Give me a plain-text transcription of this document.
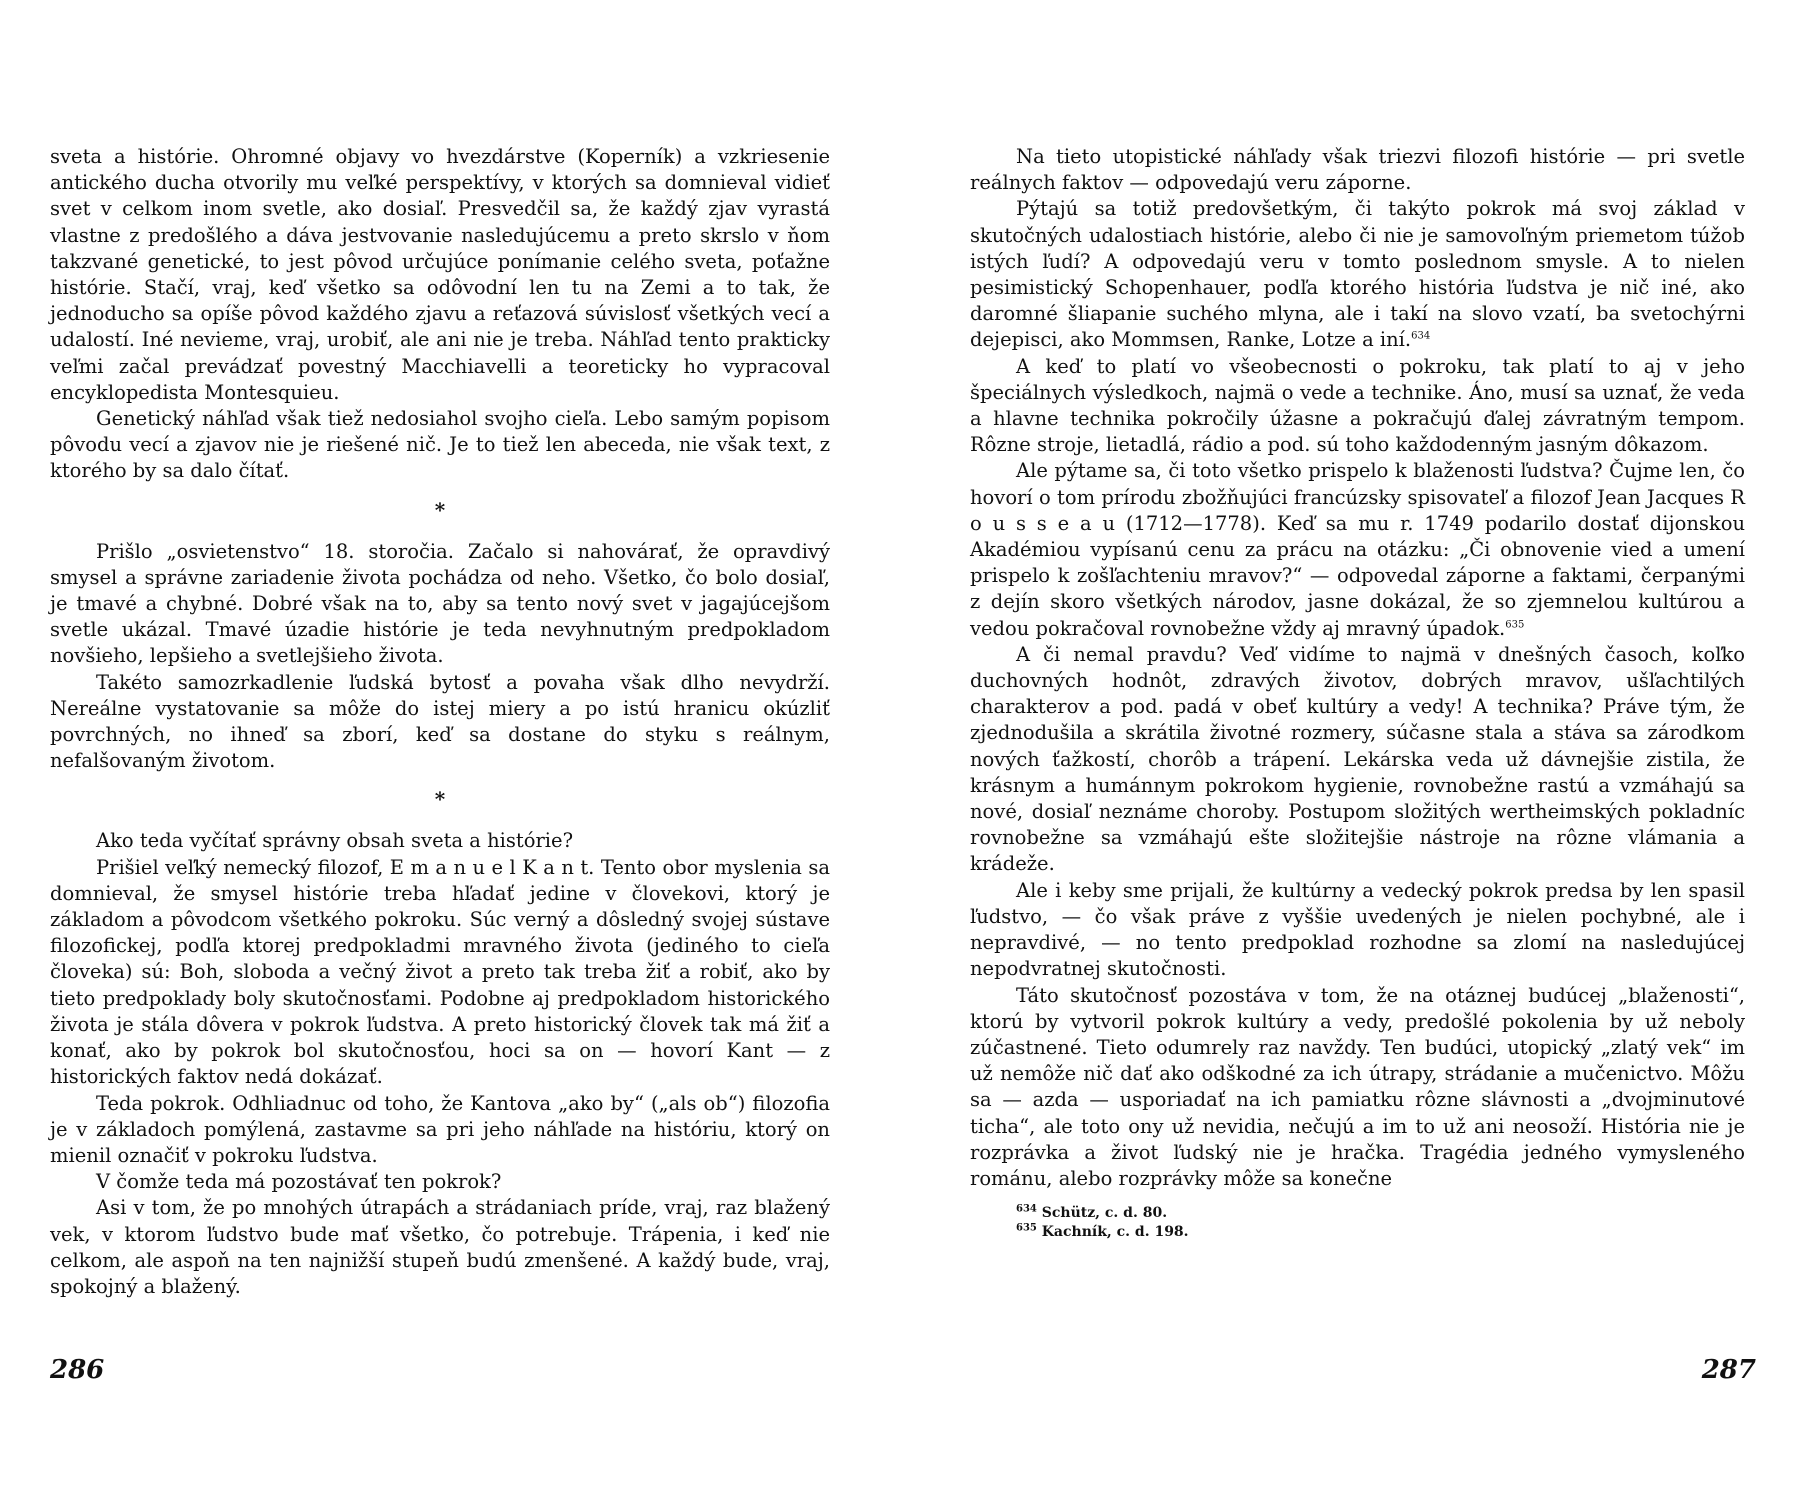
sveta a histórie. Ohromné objavy vo hvezdárstve (Koperník) a vzkriesenie antického ducha otvorily mu veľké perspektívy, v ktorých sa domnieval vidieť svet v celkom inom svetle, ako dosiaľ. Presvedčil sa, že každý zjav vyrastá vlastne z predošlého a dáva jestvovanie nasledujúcemu a preto skrslo v ňom takzvané genetické, to jest pôvod určujúce ponímanie celého sveta, poťažne histórie. Stačí, vraj, keď všetko sa odôvodní len tu na Zemi a to tak, že jednoducho sa opíše pôvod každého zjavu a reťazová súvislosť všetkých vecí a udalostí. Iné nevieme, vraj, urobiť, ale ani nie je treba. Náhľad tento prakticky veľmi začal prevádzať povestný Macchiavelli a teoreticky ho vypracoval encyklopedista Montesquieu.

Genetický náhľad však tiež nedosiahol svojho cieľa. Lebo samým popisom pôvodu vecí a zjavov nie je riešené nič. Je to tiež len abeceda, nie však text, z ktorého by sa dalo čítať.

*

Prišlo „osvietenstvo“ 18. storočia. Začalo si nahovárať, že opravdivý smysel a správne zariadenie života pochádza od neho. Všetko, čo bolo dosiaľ, je tmavé a chybné. Dobré však na to, aby sa tento nový svet v jagajúcejšom svetle ukázal. Tmavé úzadie histórie je teda nevyhnutným predpokladom novšieho, lepšieho a svetlejšieho života.

Takéto samozrkadlenie ľudská bytosť a povaha však dlho nevydrží. Nereálne vystatovanie sa môže do istej miery a po istú hranicu okúzliť povrchných, no ihneď sa zborí, keď sa dostane do styku s reálnym, nefalšovaným životom.

*

Ako teda vyčítať správny obsah sveta a histórie?

Prišiel veľký nemecký filozof, E m a n u e l K a n t. Tento obor myslenia sa domnieval, že smysel histórie treba hľadať jedine v človekovi, ktorý je základom a pôvodcom všetkého pokroku. Súc verný a dôsledný svojej sústave filozofickej, podľa ktorej predpokladmi mravného života (jediného to cieľa človeka) sú: Boh, sloboda a večný život a preto tak treba žiť a robiť, ako by tieto predpoklady boly skutočnosťami. Podobne aj predpokladom historického života je stála dôvera v pokrok ľudstva. A preto historický človek tak má žiť a konať, ako by pokrok bol skutočnosťou, hoci sa on — hovorí Kant — z historických faktov nedá dokázať.

Teda pokrok. Odhliadnuc od toho, že Kantova „ako by“ („als ob“) filozofia je v základoch pomýlená, zastavme sa pri jeho náhľade na históriu, ktorý on mienil označiť v pokroku ľudstva.

V čomže teda má pozostávať ten pokrok?

Asi v tom, že po mnohých útrapách a strádaniach príde, vraj, raz blažený vek, v ktorom ľudstvo bude mať všetko, čo potrebuje. Trápenia, i keď nie celkom, ale aspoň na ten najnižší stupeň budú zmenšené. A každý bude, vraj, spokojný a blažený.

286

Na tieto utopistické náhľady však triezvi filozofi histórie — pri svetle reálnych faktov — odpovedajú veru záporne.

Pýtajú sa totiž predovšetkým, či takýto pokrok má svoj základ v skutočných udalostiach histórie, alebo či nie je samovoľným priemetom túžob istých ľudí? A odpovedajú veru v tomto poslednom smysle. A to nielen pesimistický Schopenhauer, podľa ktorého história ľudstva je nič iné, ako daromné šliapanie suchého mlyna, ale i takí na slovo vzatí, ba svetochýrni dejepisci, ako Mommsen, Ranke, Lotze a iní.$^{634}$

A keď to platí vo všeobecnosti o pokroku, tak platí to aj v jeho špeciálnych výsledkoch, najmä o vede a technike. Áno, musí sa uznať, že veda a hlavne technika pokročily úžasne a pokračujú ďalej závratným tempom. Rôzne stroje, lietadlá, rádio a pod. sú toho každodenným jasným dôkazom.

Ale pýtame sa, či toto všetko prispelo k blaženosti ľudstva? Čujme len, čo hovorí o tom prírodu zbožňujúci francúzsky spisovateľ a filozof Jean Jacques R o u s s e a u (1712—1778). Keď sa mu r. 1749 podarilo dostať dijonskou Akadémiou vypísanú cenu za prácu na otázku: „Či obnovenie vied a umení prispelo k zošľachteniu mravov?“ — odpovedal záporne a faktami, čerpanými z dejín skoro všetkých národov, jasne dokázal, že so zjemnelou kultúrou a vedou pokračoval rovnobežne vždy aj mravný úpadok.$^{635}$

A či nemal pravdu? Veď vidíme to najmä v dnešných časoch, koľko duchovných hodnôt, zdravých životov, dobrých mravov, ušľachtilých charakterov a pod. padá v obeť kultúry a vedy! A technika? Práve tým, že zjednodušila a skrátila životné rozmery, súčasne stala a stáva sa zárodkom nových ťažkostí, chorôb a trápení. Lekárska veda už dávnejšie zistila, že krásnym a humánnym pokrokom hygienie, rovnobežne rastú a vzmáhajú sa nové, dosiaľ neznáme choroby. Postupom složitých wertheimských pokladníc rovnobežne sa vzmáhajú ešte složitejšie nástroje na rôzne vlámania a krádeže.

Ale i keby sme prijali, že kultúrny a vedecký pokrok predsa by len spasil ľudstvo, — čo však práve z vyššie uvedených je nielen pochybné, ale i nepravdivé, — no tento predpoklad rozhodne sa zlomí na nasledujúcej nepodvratnej skutočnosti.

Táto skutočnosť pozostáva v tom, že na otáznej budúcej „blaženosti“, ktorú by vytvoril pokrok kultúry a vedy, predošlé pokolenia by už neboly zúčastnené. Tieto odumrely raz navždy. Ten budúci, utopický „zlatý vek“ im už nemôže nič dať ako odškodné za ich útrapy, strádanie a mučenictvo. Môžu sa — azda — usporiadať na ich pamiatku rôzne slávnosti a „dvojminutové ticha“, ale toto ony už nevidia, nečujú a im to už ani neosoží. História nie je rozprávka a život ľudský nie je hračka. Tragédia jedného vymysleného románu, alebo rozprávky môže sa konečne

$^{634}$ Schütz, c. d. 80.
$^{635}$ Kachník, c. d. 198.
287
